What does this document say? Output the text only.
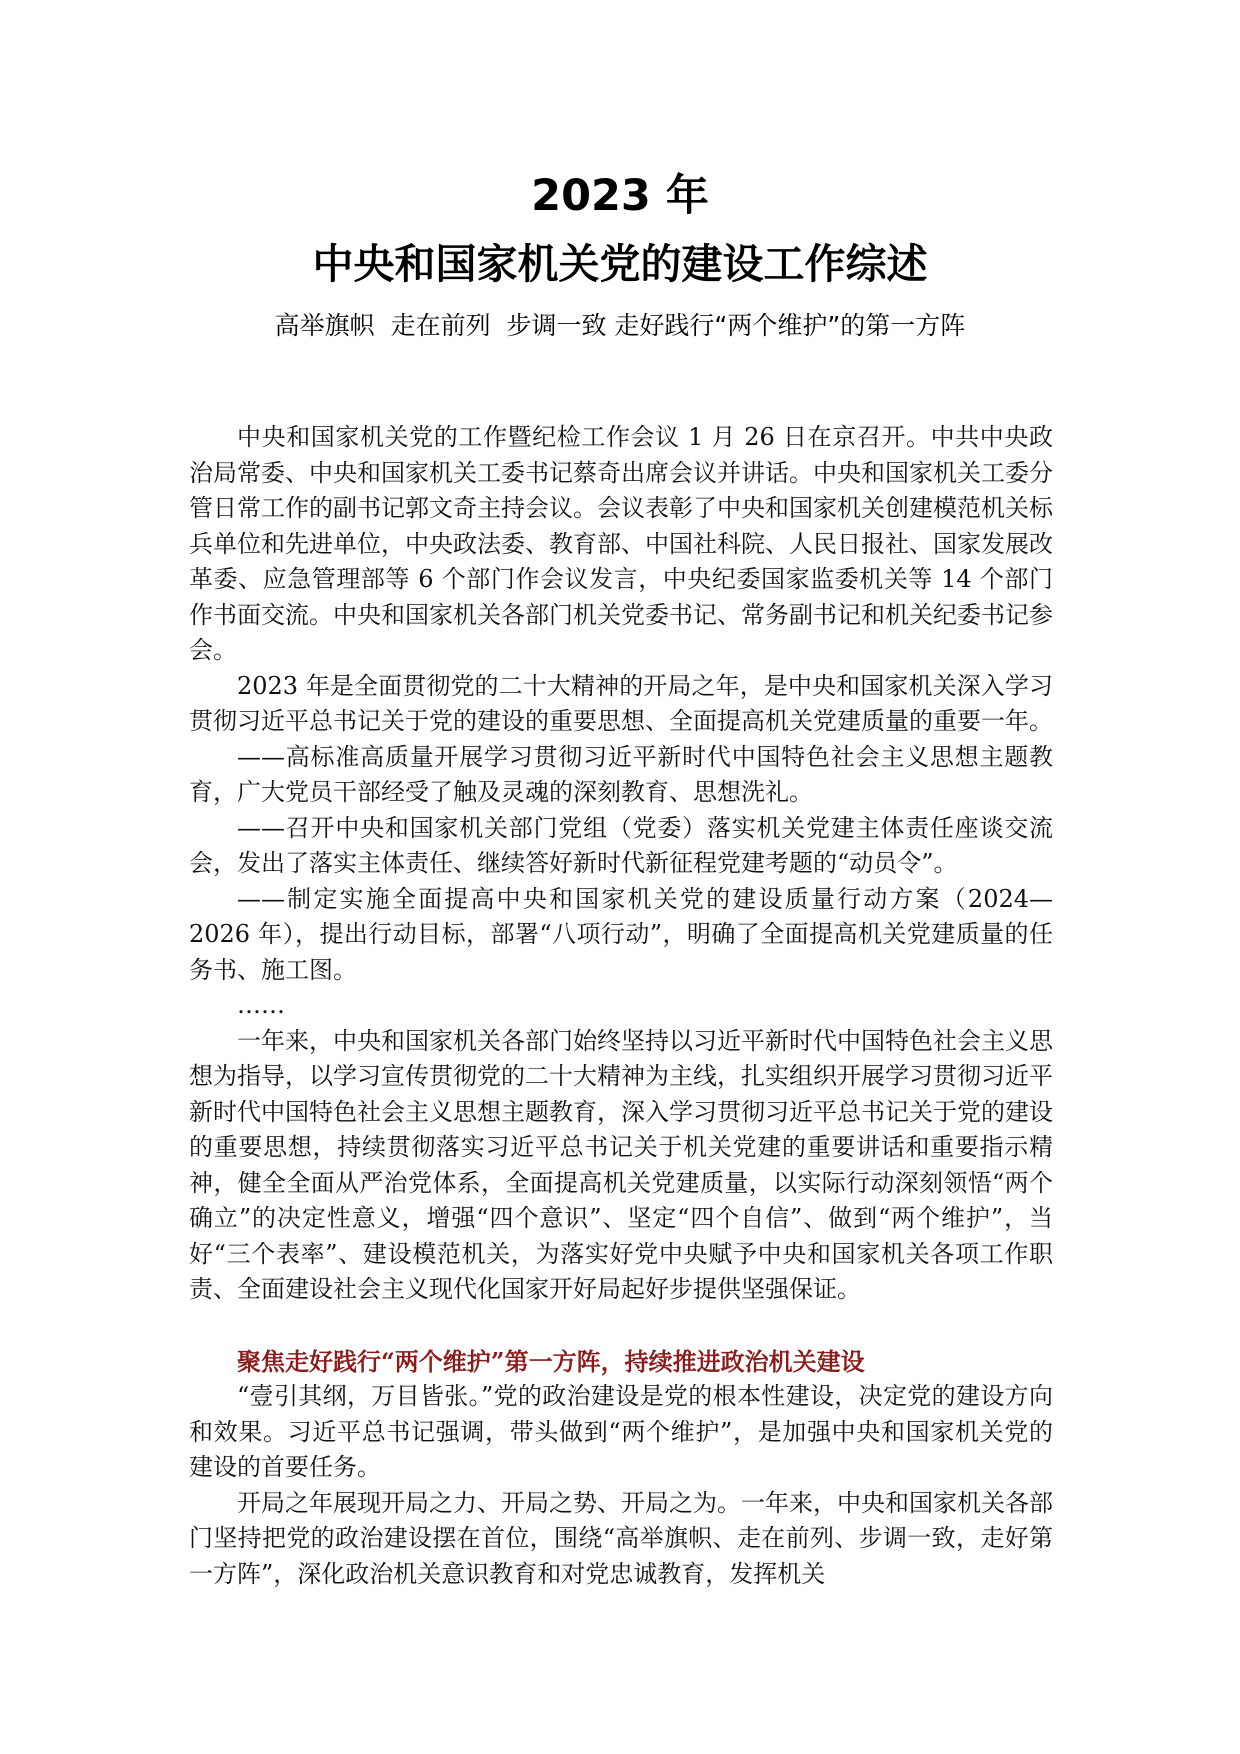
2023 年
中央和国家机关党的建设工作综述
高举旗帜  走在前列  步调一致 走好践行“两个维护”的第一方阵

中央和国家机关党的工作暨纪检工作会议 1 月 26 日在京召开。中共中央政治局常委、中央和国家机关工委书记蔡奇出席会议并讲话。中央和国家机关工委分管日常工作的副书记郭文奇主持会议。会议表彰了中央和国家机关创建模范机关标兵单位和先进单位，中央政法委、教育部、中国社科院、人民日报社、国家发展改革委、应急管理部等 6 个部门作会议发言，中央纪委国家监委机关等 14 个部门作书面交流。中央和国家机关各部门机关党委书记、常务副书记和机关纪委书记参会。

2023 年是全面贯彻党的二十大精神的开局之年，是中央和国家机关深入学习贯彻习近平总书记关于党的建设的重要思想、全面提高机关党建质量的重要一年。

——高标准高质量开展学习贯彻习近平新时代中国特色社会主义思想主题教育，广大党员干部经受了触及灵魂的深刻教育、思想洗礼。

——召开中央和国家机关部门党组（党委）落实机关党建主体责任座谈交流会，发出了落实主体责任、继续答好新时代新征程党建考题的“动员令”。

——制定实施全面提高中央和国家机关党的建设质量行动方案（2024—2026 年），提出行动目标，部署“八项行动”，明确了全面提高机关党建质量的任务书、施工图。

……

一年来，中央和国家机关各部门始终坚持以习近平新时代中国特色社会主义思想为指导，以学习宣传贯彻党的二十大精神为主线，扎实组织开展学习贯彻习近平新时代中国特色社会主义思想主题教育，深入学习贯彻习近平总书记关于党的建设的重要思想，持续贯彻落实习近平总书记关于机关党建的重要讲话和重要指示精神，健全全面从严治党体系，全面提高机关党建质量，以实际行动深刻领悟“两个确立”的决定性意义，增强“四个意识”、坚定“四个自信”、做到“两个维护”，当好“三个表率”、建设模范机关，为落实好党中央赋予中央和国家机关各项工作职责、全面建设社会主义现代化国家开好局起好步提供坚强保证。

聚焦走好践行“两个维护”第一方阵，持续推进政治机关建设

“壹引其纲，万目皆张。”党的政治建设是党的根本性建设，决定党的建设方向和效果。习近平总书记强调，带头做到“两个维护”，是加强中央和国家机关党的建设的首要任务。

开局之年展现开局之力、开局之势、开局之为。一年来，中央和国家机关各部门坚持把党的政治建设摆在首位，围绕“高举旗帜、走在前列、步调一致，走好第一方阵”，深化政治机关意识教育和对党忠诚教育，发挥机关
